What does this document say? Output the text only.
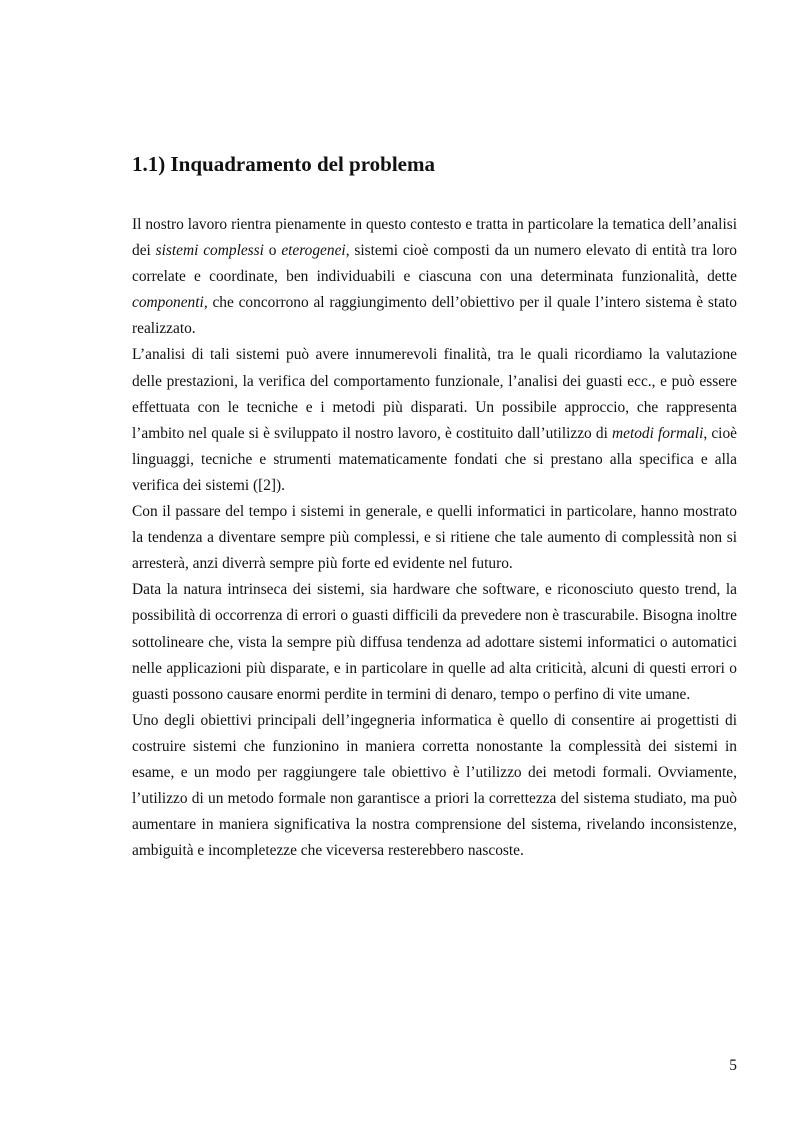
1.1) Inquadramento del problema

Il nostro lavoro rientra pienamente in questo contesto e tratta in particolare la tematica dell’analisi dei sistemi complessi o eterogenei, sistemi cioè composti da un numero elevato di entità tra loro correlate e coordinate, ben individuabili e ciascuna con una determinata funzionalità, dette componenti, che concorrono al raggiungimento dell’obiettivo per il quale l’intero sistema è stato realizzato.

L’analisi di tali sistemi può avere innumerevoli finalità, tra le quali ricordiamo la valutazione delle prestazioni, la verifica del comportamento funzionale, l’analisi dei guasti ecc., e può essere effettuata con le tecniche e i metodi più disparati. Un possibile approccio, che rappresenta l’ambito nel quale si è sviluppato il nostro lavoro, è costituito dall’utilizzo di metodi formali, cioè linguaggi, tecniche e strumenti matematicamente fondati che si prestano alla specifica e alla verifica dei sistemi ([2]).

Con il passare del tempo i sistemi in generale, e quelli informatici in particolare, hanno mostrato la tendenza a diventare sempre più complessi, e si ritiene che tale aumento di complessità non si arresterà, anzi diverrà sempre più forte ed evidente nel futuro.

Data la natura intrinseca dei sistemi, sia hardware che software, e riconosciuto questo trend, la possibilità di occorrenza di errori o guasti difficili da prevedere non è trascurabile. Bisogna inoltre sottolineare che, vista la sempre più diffusa tendenza ad adottare sistemi informatici o automatici nelle applicazioni più disparate, e in particolare in quelle ad alta criticità, alcuni di questi errori o guasti possono causare enormi perdite in termini di denaro, tempo o perfino di vite umane.

Uno degli obiettivi principali dell’ingegneria informatica è quello di consentire ai progettisti di costruire sistemi che funzionino in maniera corretta nonostante la complessità dei sistemi in esame, e un modo per raggiungere tale obiettivo è l’utilizzo dei metodi formali. Ovviamente, l’utilizzo di un metodo formale non garantisce a priori la correttezza del sistema studiato, ma può aumentare in maniera significativa la nostra comprensione del sistema, rivelando inconsistenze, ambiguità e incompletezze che viceversa resterebbero nascoste.

5
